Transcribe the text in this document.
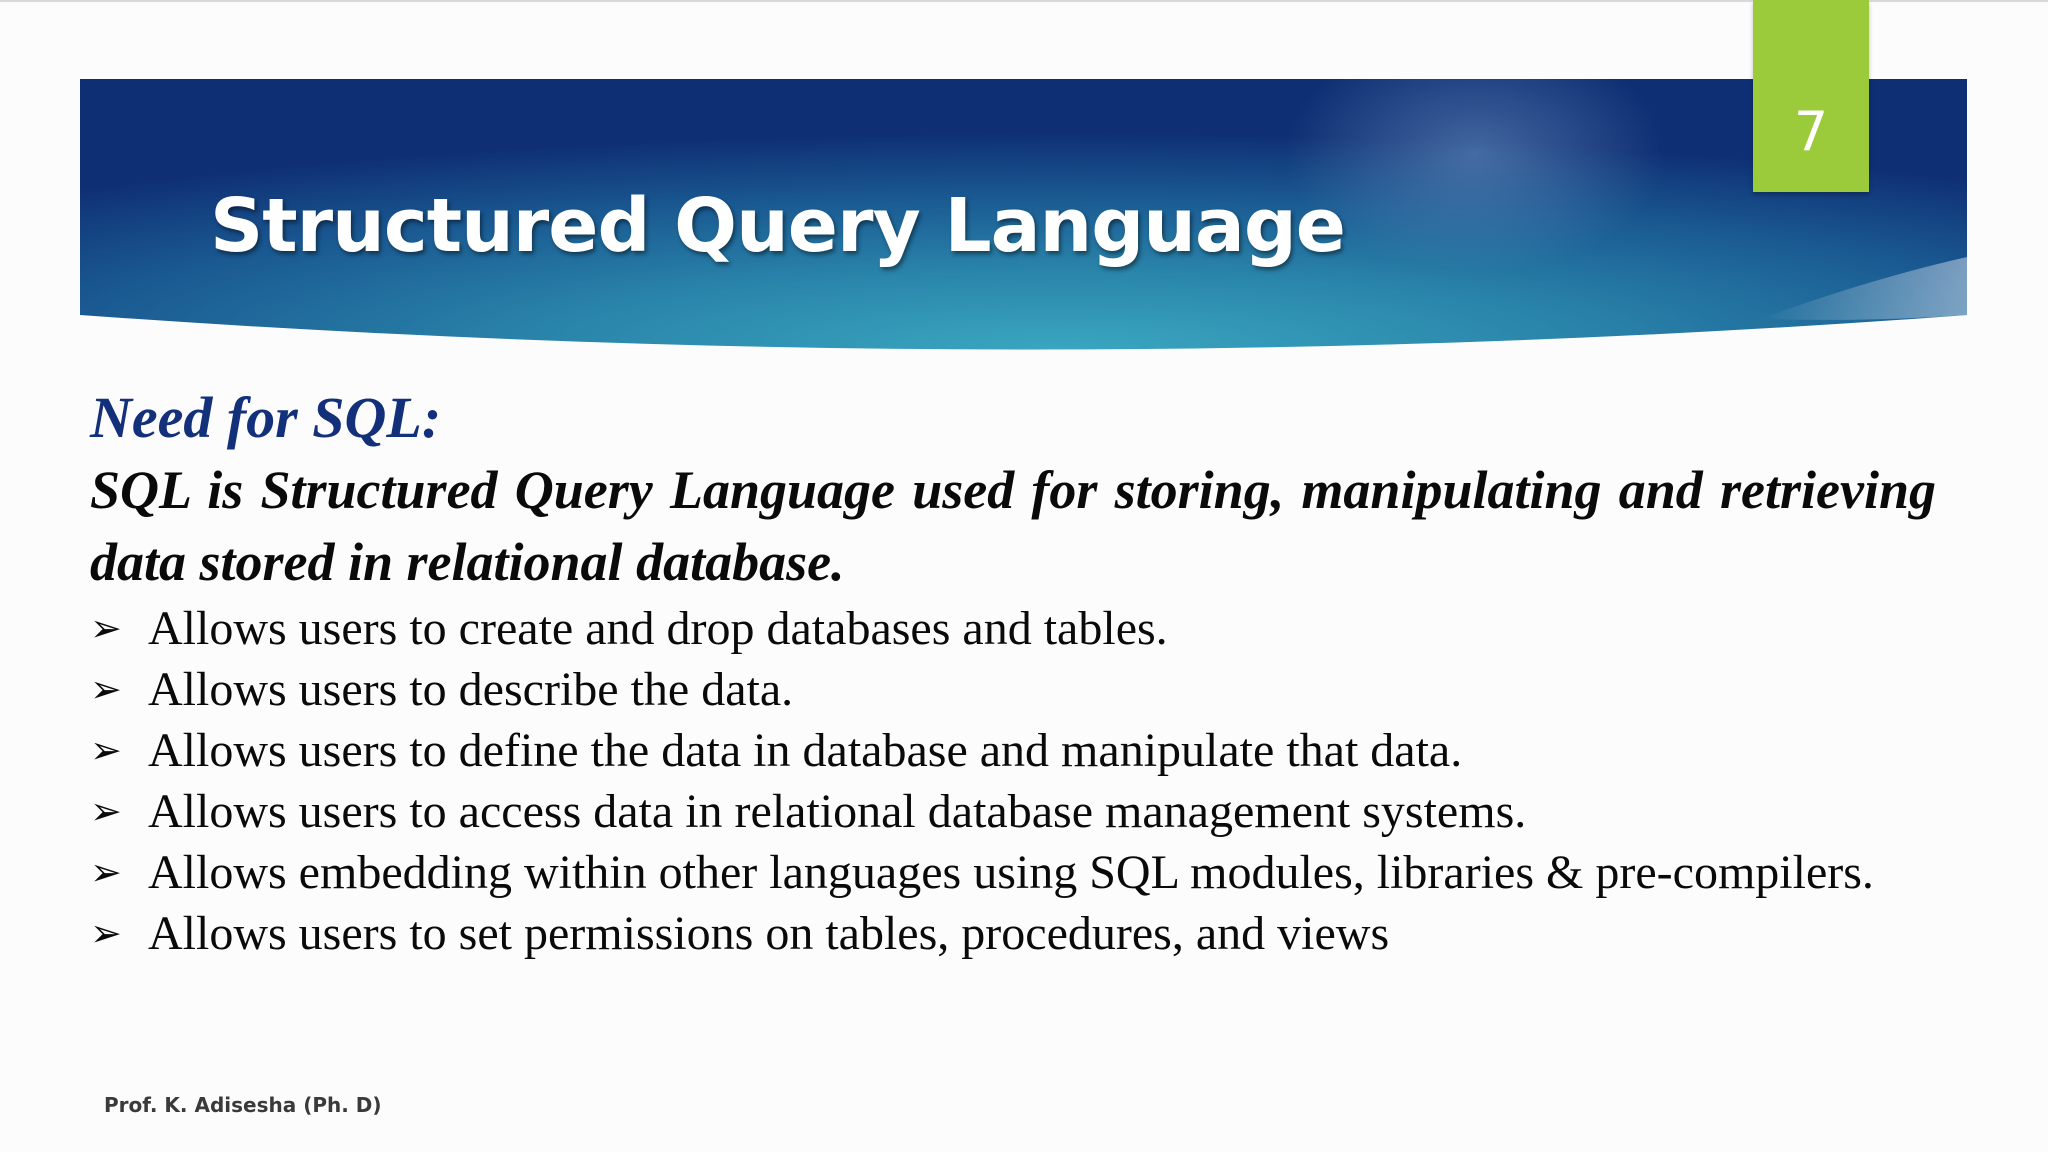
7
Structured Query Language

Need for SQL:

SQL is Structured Query Language used for storing, manipulating and retrieving data stored in relational database.

➢ Allows users to create and drop databases and tables.
➢ Allows users to describe the data.
➢ Allows users to define the data in database and manipulate that data.
➢ Allows users to access data in relational database management systems.
➢ Allows embedding within other languages using SQL modules, libraries & pre-compilers.
➢ Allows users to set permissions on tables, procedures, and views
Prof. K. Adisesha (Ph. D)
